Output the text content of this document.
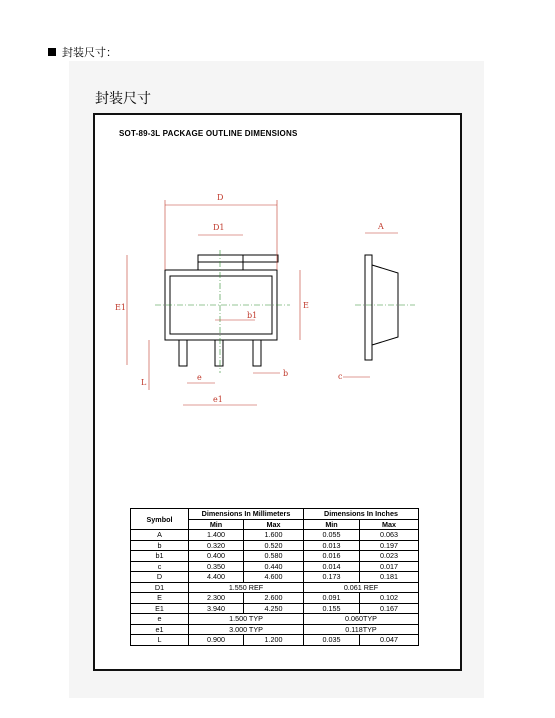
封装尺寸：
封装尺寸
SOT-89-3L PACKAGE OUTLINE DIMENSIONS
D
D1	A
b1
E
E1
b
L
c
e
e1
Symbol	Dimensions In Millimeters		Dimensions In Inches	
	Min	Max	Min	Max
A	1.400	1.600	0.055	0.063
b	0.320	0.520	0.013	0.197
b1	0.400	0.580	0.016	0.023
c	0.350	0.440	0.014	0.017
D	4.400	4.600	0.173	0.181
D1	1.550 REF		0.061 REF	
E	2.300	2.600	0.091	0.102
E1	3.940	4.250	0.155	0.167
e	1.500 TYP		0.060TYP	
e1	3.000 TYP		0.118TYP	
L	0.900	1.200	0.035	0.047
